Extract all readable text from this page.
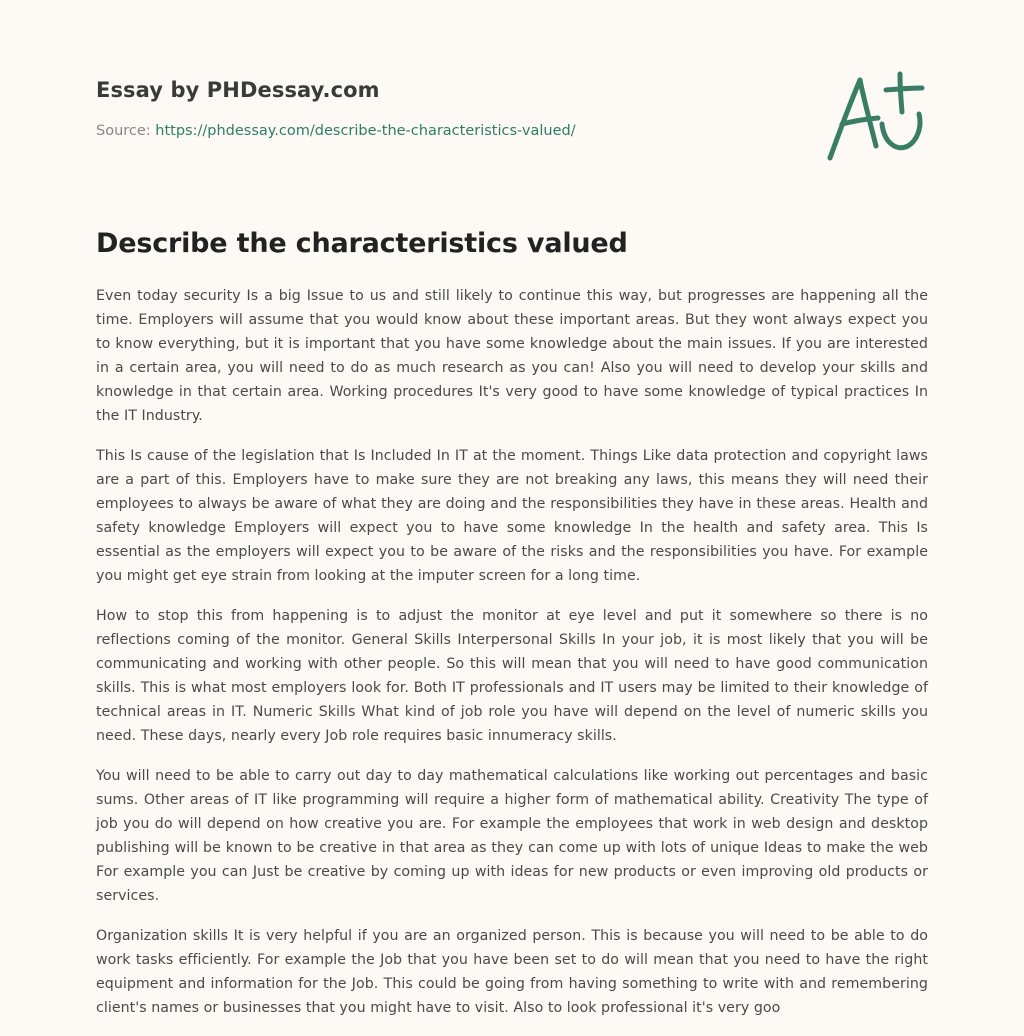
Essay by PHDessay.com
Source: https://phdessay.com/describe-the-characteristics-valued/
Describe the characteristics valued

Even today security Is a big Issue to us and still likely to continue this way, but progresses are happening all the time. Employers will assume that you would know about these important areas. But they wont always expect you to know everything, but it is important that you have some knowledge about the main issues. If you are interested in a certain area, you will need to do as much research as you can! Also you will need to develop your skills and knowledge in that certain area. Working procedures It's very good to have some knowledge of typical practices In the IT Industry.

This Is cause of the legislation that Is Included In IT at the moment. Things Like data protection and copyright laws are a part of this. Employers have to make sure they are not breaking any laws, this means they will need their employees to always be aware of what they are doing and the responsibilities they have in these areas. Health and safety knowledge Employers will expect you to have some knowledge In the health and safety area. This Is essential as the employers will expect you to be aware of the risks and the responsibilities you have. For example you might get eye strain from looking at the imputer screen for a long time.

How to stop this from happening is to adjust the monitor at eye level and put it somewhere so there is no reflections coming of the monitor. General Skills Interpersonal Skills In your job, it is most likely that you will be communicating and working with other people. So this will mean that you will need to have good communication skills. This is what most employers look for. Both IT professionals and IT users may be limited to their knowledge of technical areas in IT. Numeric Skills What kind of job role you have will depend on the level of numeric skills you need. These days, nearly every Job role requires basic innumeracy skills.

You will need to be able to carry out day to day mathematical calculations like working out percentages and basic sums. Other areas of IT like programming will require a higher form of mathematical ability. Creativity The type of job you do will depend on how creative you are. For example the employees that work in web design and desktop publishing will be known to be creative in that area as they can come up with lots of unique Ideas to make the web For example you can Just be creative by coming up with ideas for new products or even improving old products or services.

Organization skills It is very helpful if you are an organized person. This is because you will need to be able to do work tasks efficiently. For example the Job that you have been set to do will mean that you need to have the right equipment and information for the Job. This could be going from having something to write with and remembering client's names or businesses that you might have to visit. Also to look professional it's very goo
